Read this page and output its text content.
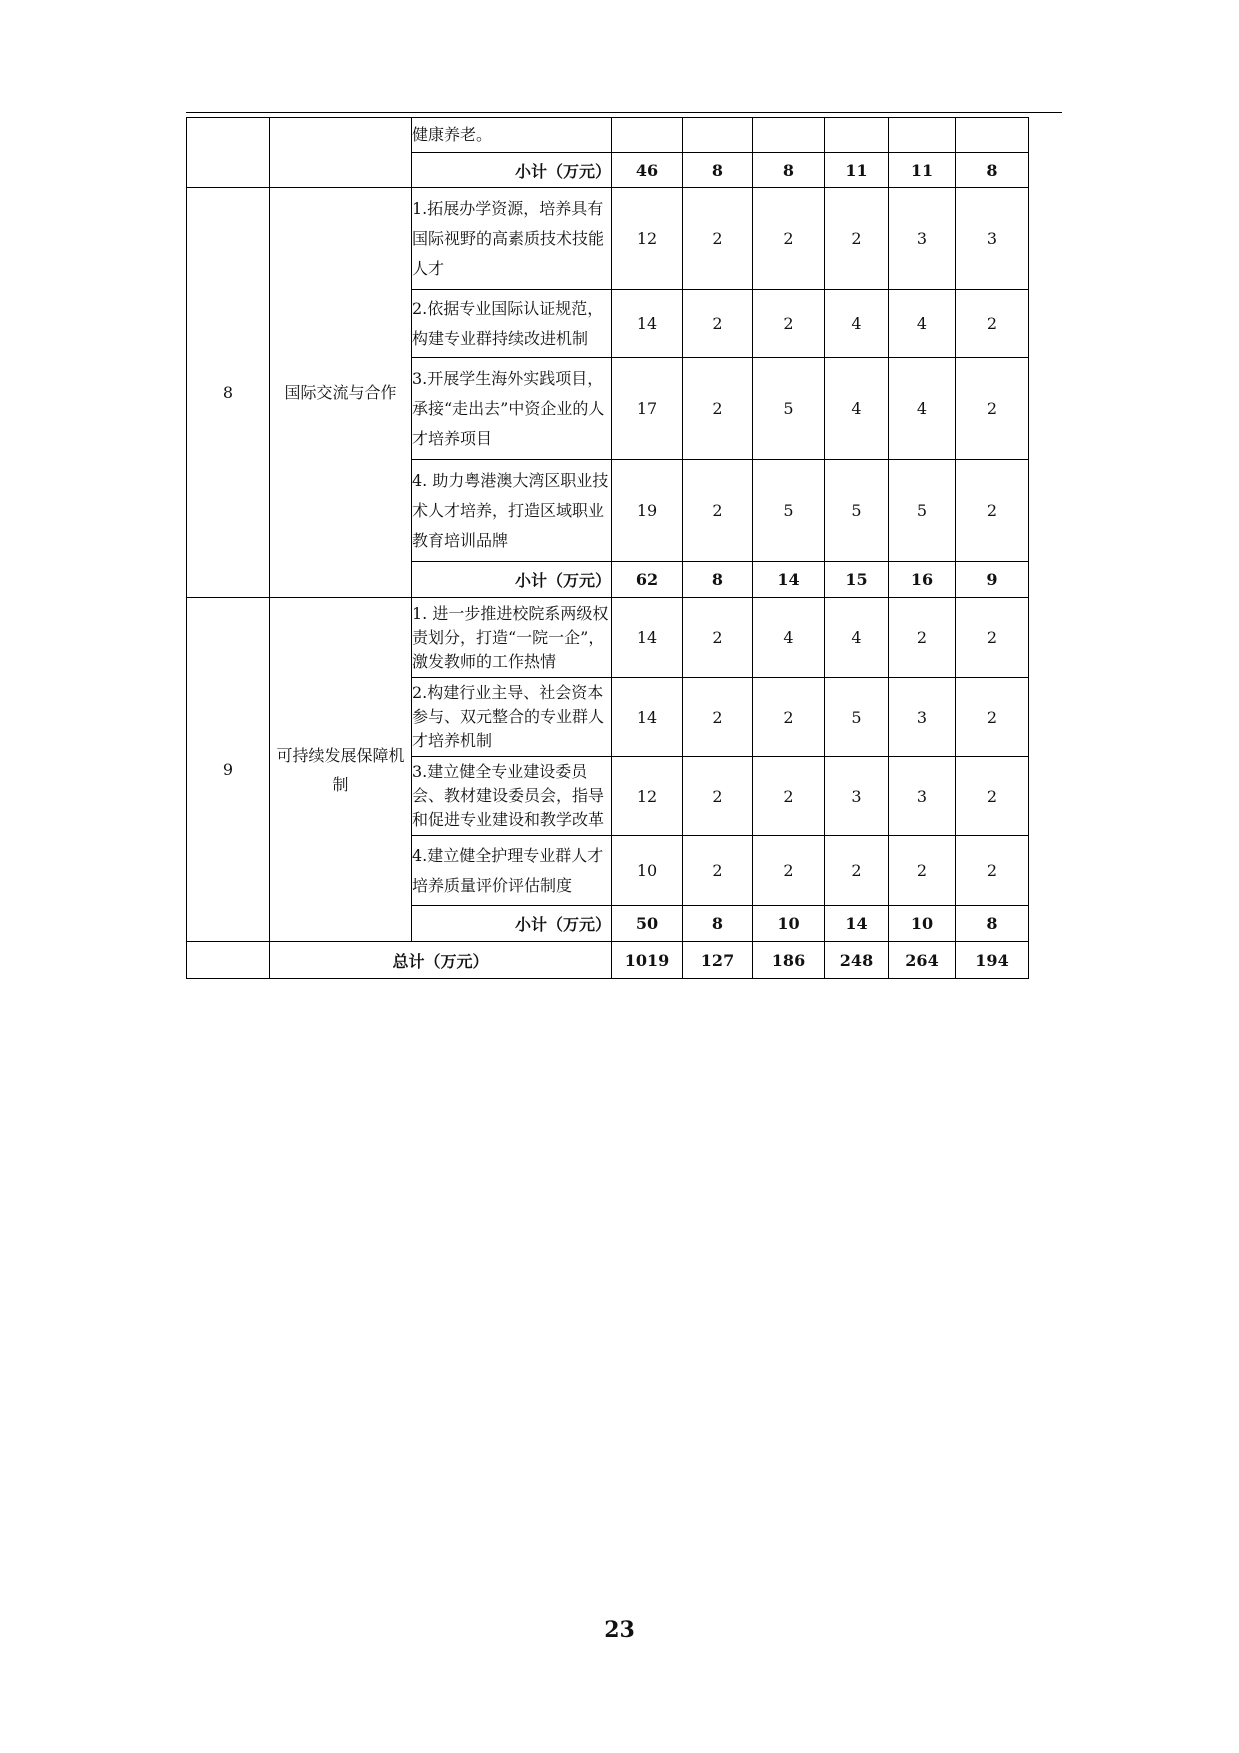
		健康养老。						
		小计（万元）	46	8	8	11	11	8
8	国际交流与合作	1.拓展办学资源，培养具有国际视野的高素质技术技能人才	12	2	2	2	3	3
		2.依据专业国际认证规范，构建专业群持续改进机制	14	2	2	4	4	2
		3.开展学生海外实践项目，承接“走出去”中资企业的人才培养项目	17	2	5	4	4	2
		4. 助力粤港澳大湾区职业技术人才培养，打造区域职业教育培训品牌	19	2	5	5	5	2
		小计（万元）	62	8	14	15	16	9
9	可持续发展保障机制	1. 进一步推进校院系两级权责划分，打造“一院一企”，激发教师的工作热情	14	2	4	4	2	2
		2.构建行业主导、社会资本参与、双元整合的专业群人才培养机制	14	2	2	5	3	2
		3.建立健全专业建设委员会、教材建设委员会，指导和促进专业建设和教学改革	12	2	2	3	3	2
		4.建立健全护理专业群人才培养质量评价评估制度	10	2	2	2	2	2
		小计（万元）	50	8	10	14	10	8
	总计（万元）		1019	127	186	248	264	194
23
